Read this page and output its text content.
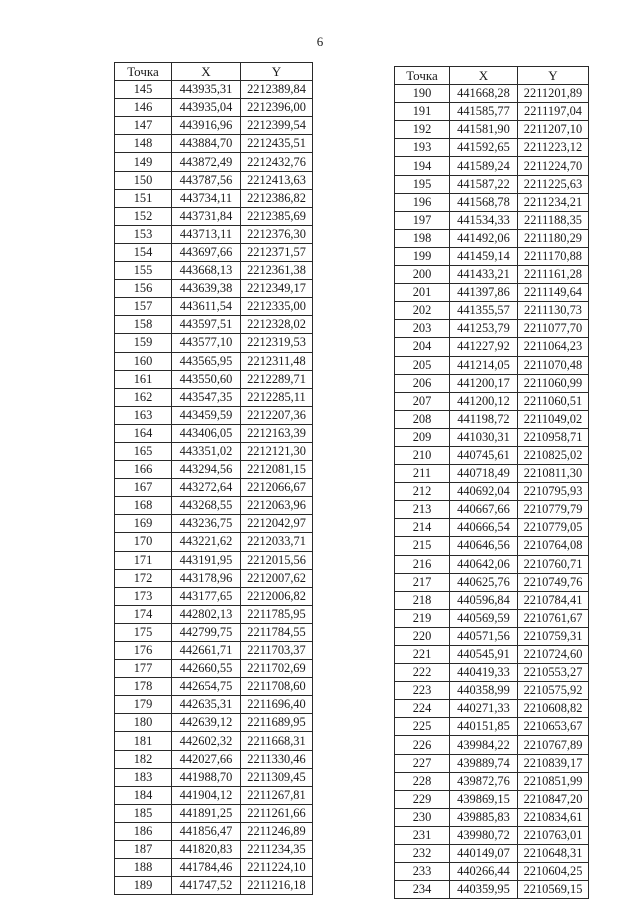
6
Точка	X	Y
145	443935,31	2212389,84
146	443935,04	2212396,00
147	443916,96	2212399,54
148	443884,70	2212435,51
149	443872,49	2212432,76
150	443787,56	2212413,63
151	443734,11	2212386,82
152	443731,84	2212385,69
153	443713,11	2212376,30
154	443697,66	2212371,57
155	443668,13	2212361,38
156	443639,38	2212349,17
157	443611,54	2212335,00
158	443597,51	2212328,02
159	443577,10	2212319,53
160	443565,95	2212311,48
161	443550,60	2212289,71
162	443547,35	2212285,11
163	443459,59	2212207,36
164	443406,05	2212163,39
165	443351,02	2212121,30
166	443294,56	2212081,15
167	443272,64	2212066,67
168	443268,55	2212063,96
169	443236,75	2212042,97
170	443221,62	2212033,71
171	443191,95	2212015,56
172	443178,96	2212007,62
173	443177,65	2212006,82
174	442802,13	2211785,95
175	442799,75	2211784,55
176	442661,71	2211703,37
177	442660,55	2211702,69
178	442654,75	2211708,60
179	442635,31	2211696,40
180	442639,12	2211689,95
181	442602,32	2211668,31
182	442027,66	2211330,46
183	441988,70	2211309,45
184	441904,12	2211267,81
185	441891,25	2211261,66
186	441856,47	2211246,89
187	441820,83	2211234,35
188	441784,46	2211224,10
189	441747,52	2211216,18
Точка	X	Y
190	441668,28	2211201,89
191	441585,77	2211197,04
192	441581,90	2211207,10
193	441592,65	2211223,12
194	441589,24	2211224,70
195	441587,22	2211225,63
196	441568,78	2211234,21
197	441534,33	2211188,35
198	441492,06	2211180,29
199	441459,14	2211170,88
200	441433,21	2211161,28
201	441397,86	2211149,64
202	441355,57	2211130,73
203	441253,79	2211077,70
204	441227,92	2211064,23
205	441214,05	2211070,48
206	441200,17	2211060,99
207	441200,12	2211060,51
208	441198,72	2211049,02
209	441030,31	2210958,71
210	440745,61	2210825,02
211	440718,49	2210811,30
212	440692,04	2210795,93
213	440667,66	2210779,79
214	440666,54	2210779,05
215	440646,56	2210764,08
216	440642,06	2210760,71
217	440625,76	2210749,76
218	440596,84	2210784,41
219	440569,59	2210761,67
220	440571,56	2210759,31
221	440545,91	2210724,60
222	440419,33	2210553,27
223	440358,99	2210575,92
224	440271,33	2210608,82
225	440151,85	2210653,67
226	439984,22	2210767,89
227	439889,74	2210839,17
228	439872,76	2210851,99
229	439869,15	2210847,20
230	439885,83	2210834,61
231	439980,72	2210763,01
232	440149,07	2210648,31
233	440266,44	2210604,25
234	440359,95	2210569,15
